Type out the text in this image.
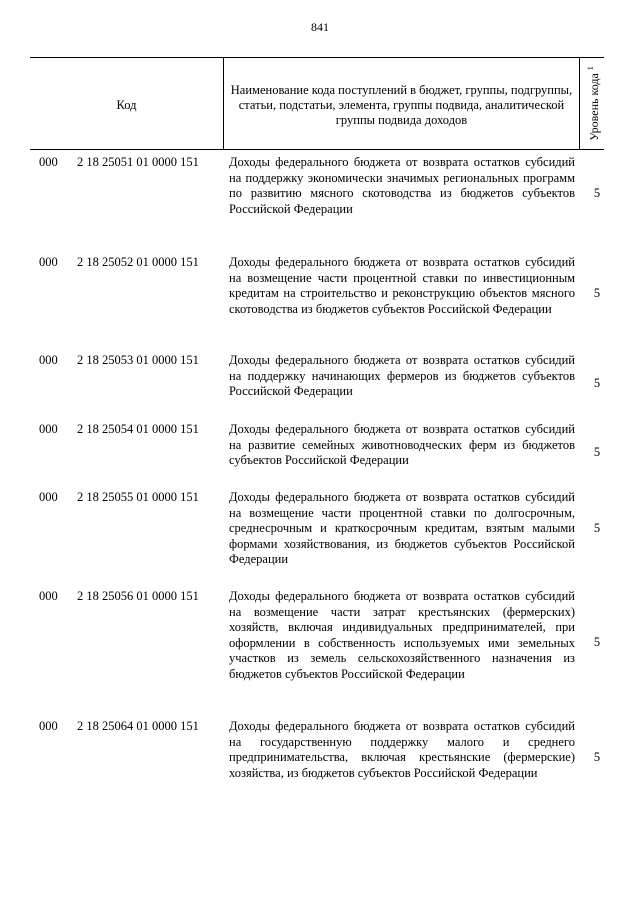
841
Код
Наименование кода поступлений в бюджет, группы, подгруппы, статьи, подстатьи, элемента, группы подвида, аналитической группы подвида доходов	Уровень кода $^1$
000 2 18 25051 01 0000 151 Доходы федерального бюджета от возврата остатков субсидий на поддержку экономически значимых региональных программ по развитию мясного скотоводства из бюджетов субъектов Российской Федерации
5
000 2 18 25052 01 0000 151 Доходы федерального бюджета от возврата остатков субсидий на возмещение части процентной ставки по инвестиционным кредитам на строительство и реконструкцию объектов мясного скотоводства из бюджетов субъектов Российской Федерации
5
000 2 18 25053 01 0000 151 Доходы федерального бюджета от возврата остатков субсидий на поддержку начинающих фермеров из бюджетов субъектов Российской Федерации
5
000 2 18 25054 01 0000 151 Доходы федерального бюджета от возврата остатков субсидий на развитие семейных животноводческих ферм из бюджетов субъектов Российской Федерации
5
000 2 18 25055 01 0000 151 Доходы федерального бюджета от возврата остатков субсидий на возмещение части процентной ставки по долгосрочным, среднесрочным и краткосрочным кредитам, взятым малыми формами хозяйствования, из бюджетов субъектов Российской Федерации
5
000 2 18 25056 01 0000 151 Доходы федерального бюджета от возврата остатков субсидий на возмещение части затрат крестьянских (фермерских) хозяйств, включая индивидуальных предпринимателей, при оформлении в собственность используемых ими земельных участков из земель сельскохозяйственного назначения из бюджетов субъектов Российской Федерации
5
000 2 18 25064 01 0000 151 Доходы федерального бюджета от возврата остатков субсидий на государственную поддержку малого и среднего предпринимательства, включая крестьянские (фермерские) хозяйства, из бюджетов субъектов Российской Федерации
5
